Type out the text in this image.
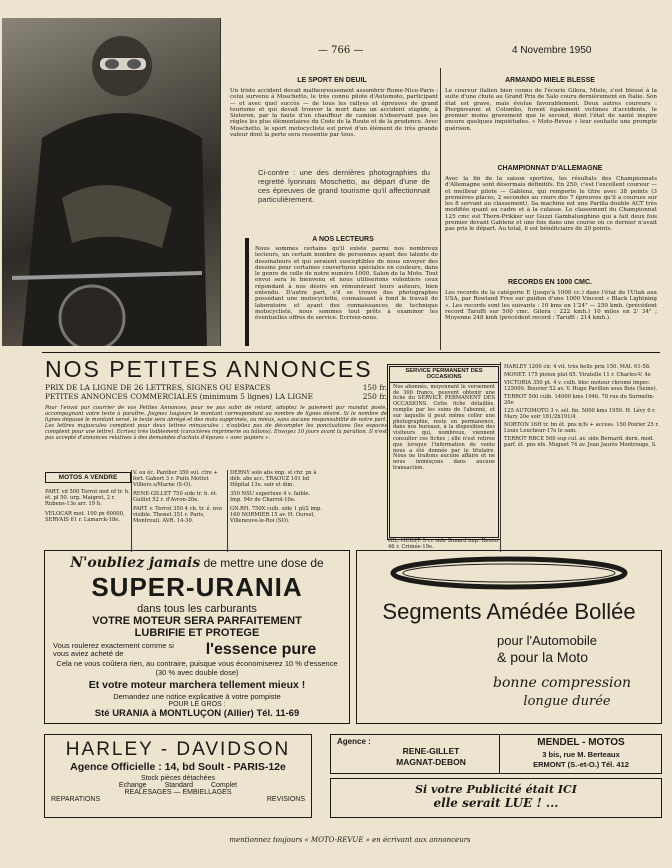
— 766 —	4 Novembre 1950
LE SPORT EN DEUIL
Un triste accident devait malheureusement assombrir Rome-Nice-Paris : celui survenu à Moschetto, le très connu pilote d'Automoto, participant — et avec quel succès — de tous les rallyes et épreuves de grand tourisme et qui devait trouver la mort dans un accident stupide, à Sisteron, par la faute d'un chauffeur de camion n'observant pas les règles les plus élémentaires du Code de la Route et de la prudence. Avec Moschetto, le sport motocycliste est privé d'un élément de très grande valeur dont la perte sera ressentie par tous.
Ci-contre : une des dernières photographies du regretté lyonnais Moschetto, au départ d'une de ces épreuves de grand tourisme qu'il affectionnait particulièrement.
A NOS LECTEURS
Nous sommes certains qu'il existe parmi nos nombreux lecteurs, un certain nombre de personnes ayant des talents de dessinateurs et qui seraient susceptibles de nous envoyer des dessins pour certaines couvertures spéciales en couleurs, dans le genre de celle de notre numéro 1000, Salon de la Moto. Tout envoi sera le bienvenu et nous utiliserions volontiers ceux répondant à nos désirs en rémunérant leurs auteurs, bien entendu. D'autre part, s'il se trouve des photographes possédant une motocyclette, connaissant à fond le travail de laboratoire et ayant des connaissances de technique motocycliste, nous sommes tout prêts à examiner les éventuelles offres de service. Ecrivez-nous.
ARMANDO MIELE BLESSE
Le coureur italien bien connu de l'écurie Gilera, Miele, s'est blessé à la suite d'une chute au Grand Prix de Salo couru dernièrement en Italie. Son état est grave, mais évolue favorablement. Deux autres coureurs : Piergiovanni et Colombo, furent également victimes d'accidents, le premier moins gravement que le second, dont l'état de santé inspire encore quelques inquiétudes. « Moto-Revue » leur souhaite une prompte guérison.
CHAMPIONNAT D'ALLEMAGNE
Avec la fin de la saison sportive, les résultats des Championnats d'Allemagne sont désormais définitifs. En 250, c'est l'excellent coureur — et meilleur pilote — Gablenz, qui remporte le titre avec 38 points (3 premières places, 2 secondes au cours des 7 épreuves qu'il a courues sur les 8 servant au classement). Sa machine est une Parilla double ACT très modifiée quant au cadre et à la culasse. Le classement du Championnat 125 cmc est Thorn-Prikker sur Guzzi Gambalunghino qui a fait deux fois premier devant Gablenz et une fois dans une course où ce dernier n'avait pas pris le départ. Au total, il est bénéficiaire de 20 points.
RECORDS EN 1000 CMC.
Les records de la catégorie E (jusqu'à 1000 cc.) dans l'état de l'Utah aux USA, par Rowland Free sur guidon d'une 1000 Vincent « Black Lightning ». Les records sont les suivants : 10 kms en 1'24" — 250 kmh. (précédent record Taruffi sur 500 cmc. Gilera : 222 kmh.) 10 miles en 2' 34" ; Moyenne 248 kmh (précédent record : Taruffi : 214 kmh.).
NOS PETITES ANNONCES
PRIX DE LA LIGNE DE 26 LETTRES, SIGNES OU ESPACES	150 fr.
PETITES ANNONCES COMMERCIALES (minimum 5 lignes) LA LIGNE	250 fr.
Pour l'envoi par courrier de vos Petites Annonces, pour ne pas subir de retard, adoptez le paiement par mandat poste, accompagnant votre texte à paraître. Joignez toujours le montant correspondant au nombre de lignes désiré. Si le nombre de lignes dépasse le montant versé, le texte sera abrégé et des mots supprimés, au mieux, sans aucune responsabilité de notre part. Les lettres majuscules comptent pour deux lettres minuscules ; n'oubliez pas de décompter les ponctuations (les espaces comptent pour une lettre). Ecrivez très lisiblement (caractères imprimerie ou bâtons). Envoyez 10 jours avant la parution. Il n'est pas accepté d'annonces relatives à des demandes d'achats d'épaves « avec papiers ».
MOTOS A VENDRE
PART. vd 500 Terrot mot nf tr. b. ét. pl 50. urg. Maigret, 2 r. Rubens-13e arr. 19 h.
VELOCAR mot. 100 px 60000, SERVAIS 61 r. Lamarck-18e.
V. ou éc. Panther 350 sul. ctre + fort. Gabort 3 r. Puits Mottet Villiers s/Marne (S-O).
RENE-GILLET 750 side tr. b. ét. Guillet 52 r. d'Avron-20e.
PART. v. Terrot 350 4 ch. tr. é. nve visible. Thenet 351 r. Paris, Montreuil. AVR. 14-30.
DERNY solo abs imp. st chr. px à déb. abs acc. TRAOUZ 101 bd Hôpital 13e. soir et dim.
350 NSU superluxe 4 v. faible. Imp. 94r de Charrol-10e.
GN.RH. 750X culb. side 1 pl/2 imp. 160 NORMIER 15 av. H. Oursel, Villeneuve-le-Roi (SO).
SERVICE PERMANENT DES OCCASIONS
Nos abonnés, moyennant le versement de 300 francs, peuvent obtenir une fiche du SERVICE PERMANENT DES OCCASIONS. Cette fiche détaillée, remplie par les soins de l'abonné, et sur laquelle il peut même coller une photographie, reste en permanence, dans nos bureaux, à la disposition des visiteurs qui, nombreux, viennent consulter ces fiches ; elle n'est retirée que lorsque l'information de vente nous a été donnée par le titulaire. Nous ne traitons aucune affaire et ne nous immisçons dans aucune transaction.
GIL. HERST. 5 cv side Simard imp. Renou 46 r. Crimée-19e.
HARLEY 1200 cir. 4 vit. très belle prix 150. MAI. 61-58.
MONET. 175 piston plat 65. Viratelle 11 r. Charles-V. 4e
VICTORIA 350 pt. 4 v. culb. bloc moteur chromé impec. 125000. Bouvier 52 av. V. Hugo Pavillon sous Bois (Seine).
TERROT 500 culb. 14000 kms 1946. 78 rue du Surmelin-20e
125 AUTOMOTO 3 v. sél. fin. 5000 kms 1950. H. Lévy 6 r. Mary 20e soir 181/2h191/4
NORTON 16H tr. bn ét. pns n/fs + access. 150 Poirier 25 r. Louis Loucheur-17e le sam.
TERROT RBCE 500 sup cul. av. side Bernard. dern. mod. parf. ét. pns nfs. Muguet 74 av. Jean Jaurès Montrouge, S.
N'oubliez jamais de mettre une dose de
SUPER-URANIA
dans tous les carburants
VOTRE MOTEUR SERA PARFAITEMENT
LUBRIFIE ET PROTEGE
Vous roulerez exactement comme si vous aviez acheté de	l'essence pure
Cela ne vous coûtera rien, au contraire, puisque vous économiserez 10 % d'essence (30 % avec double dose)
Et votre moteur marchera tellement mieux !
Demandez une notice explicative à votre pompiste
POUR LE GROS :
Sté URANIA à MONTLUÇON (Allier) Tél. 11-69
Segments Amédée Bollée
pour l'Automobile
& pour la Moto
bonne compression
longue durée
HARLEY - DAVIDSON
Agence Officielle : 14, bd Soult - PARIS-12e
Stock pièces détachées
Echange	Standard	Complet
REALESAGES — EMBIELLAGES
REPARATIONS	REVISIONS
Agence :
RENE-GILLET
MAGNAT-DEBON
MENDEL - MOTOS
3 bis, rue M. Berteaux
ERMONT (S.-et-O.) Tél. 412
Si votre Publicité était ICI
elle serait LUE ! ...
mentionnez toujours « MOTO-REVUE » en écrivant aux annonceurs
